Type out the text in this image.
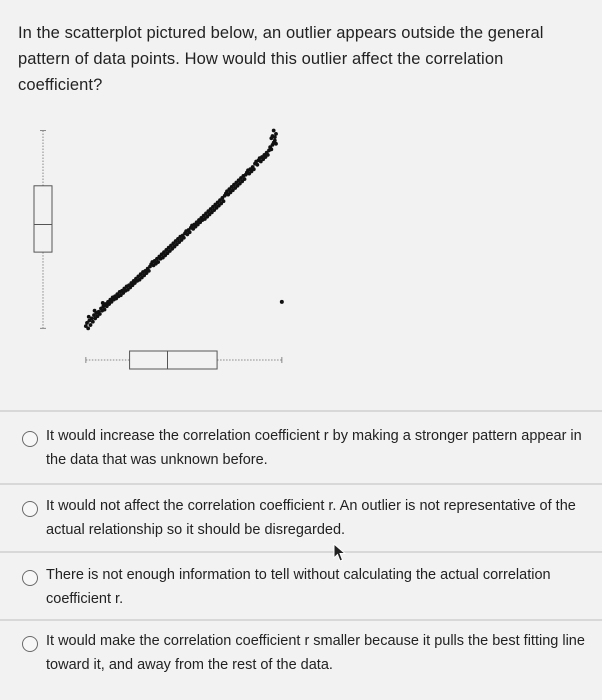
In the scatterplot pictured below, an outlier appears outside the general pattern of data points. How would this outlier affect the correlation coefficient?
It would increase the correlation coefficient r by making a stronger pattern appear in the data that was unknown before.
It would not affect the correlation coefficient r. An outlier is not representative of the actual relationship so it should be disregarded.
There is not enough information to tell without calculating the actual correlation coefficient r.
It would make the correlation coefficient r smaller because it pulls the best fitting line toward it, and away from the rest of the data.
